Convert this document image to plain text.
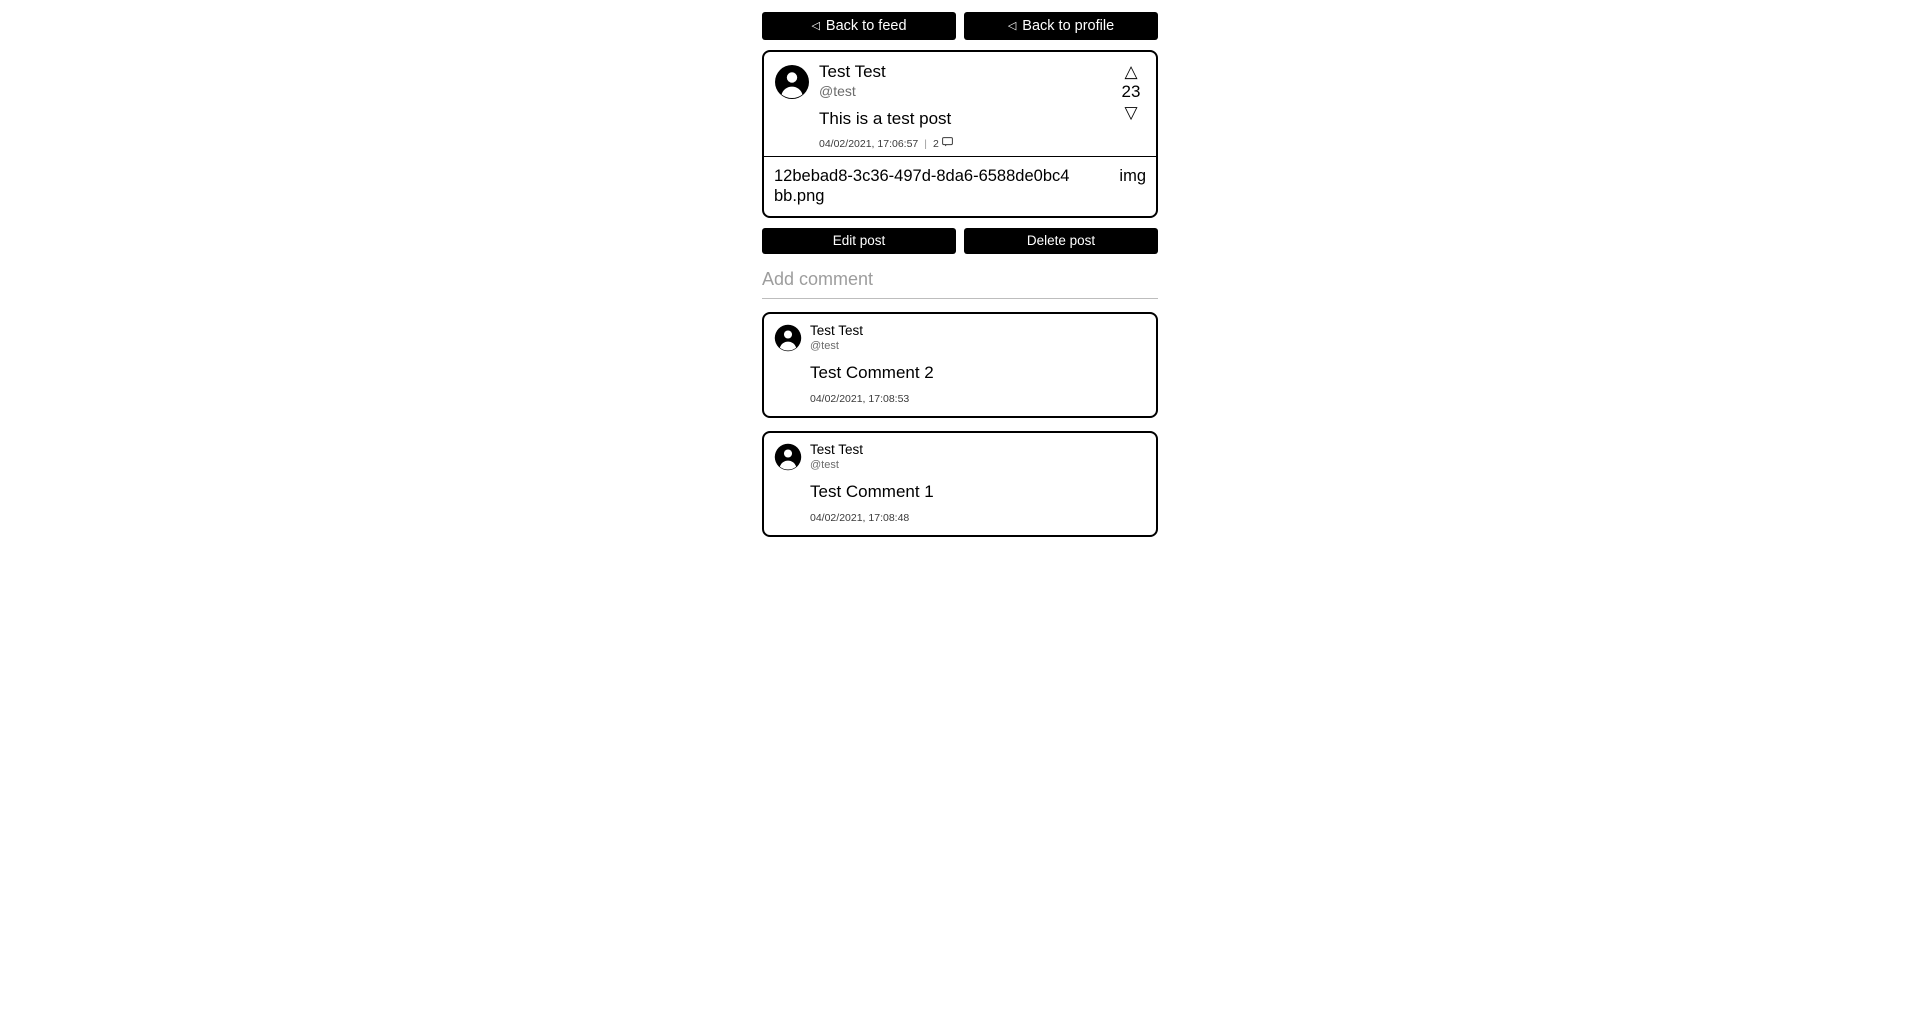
◁ Back to feed	◁ Back to profile
Test Test
@test
This is a test post
04/02/2021, 17:06:57 | 2
△
23
▽
12bebad8-3c36-497d-8da6-6588de0bc4bb.png
img
Edit post	Delete post
Add comment
Test Test
@test
Test Comment 2
04/02/2021, 17:08:53
Test Test
@test
Test Comment 1
04/02/2021, 17:08:48
